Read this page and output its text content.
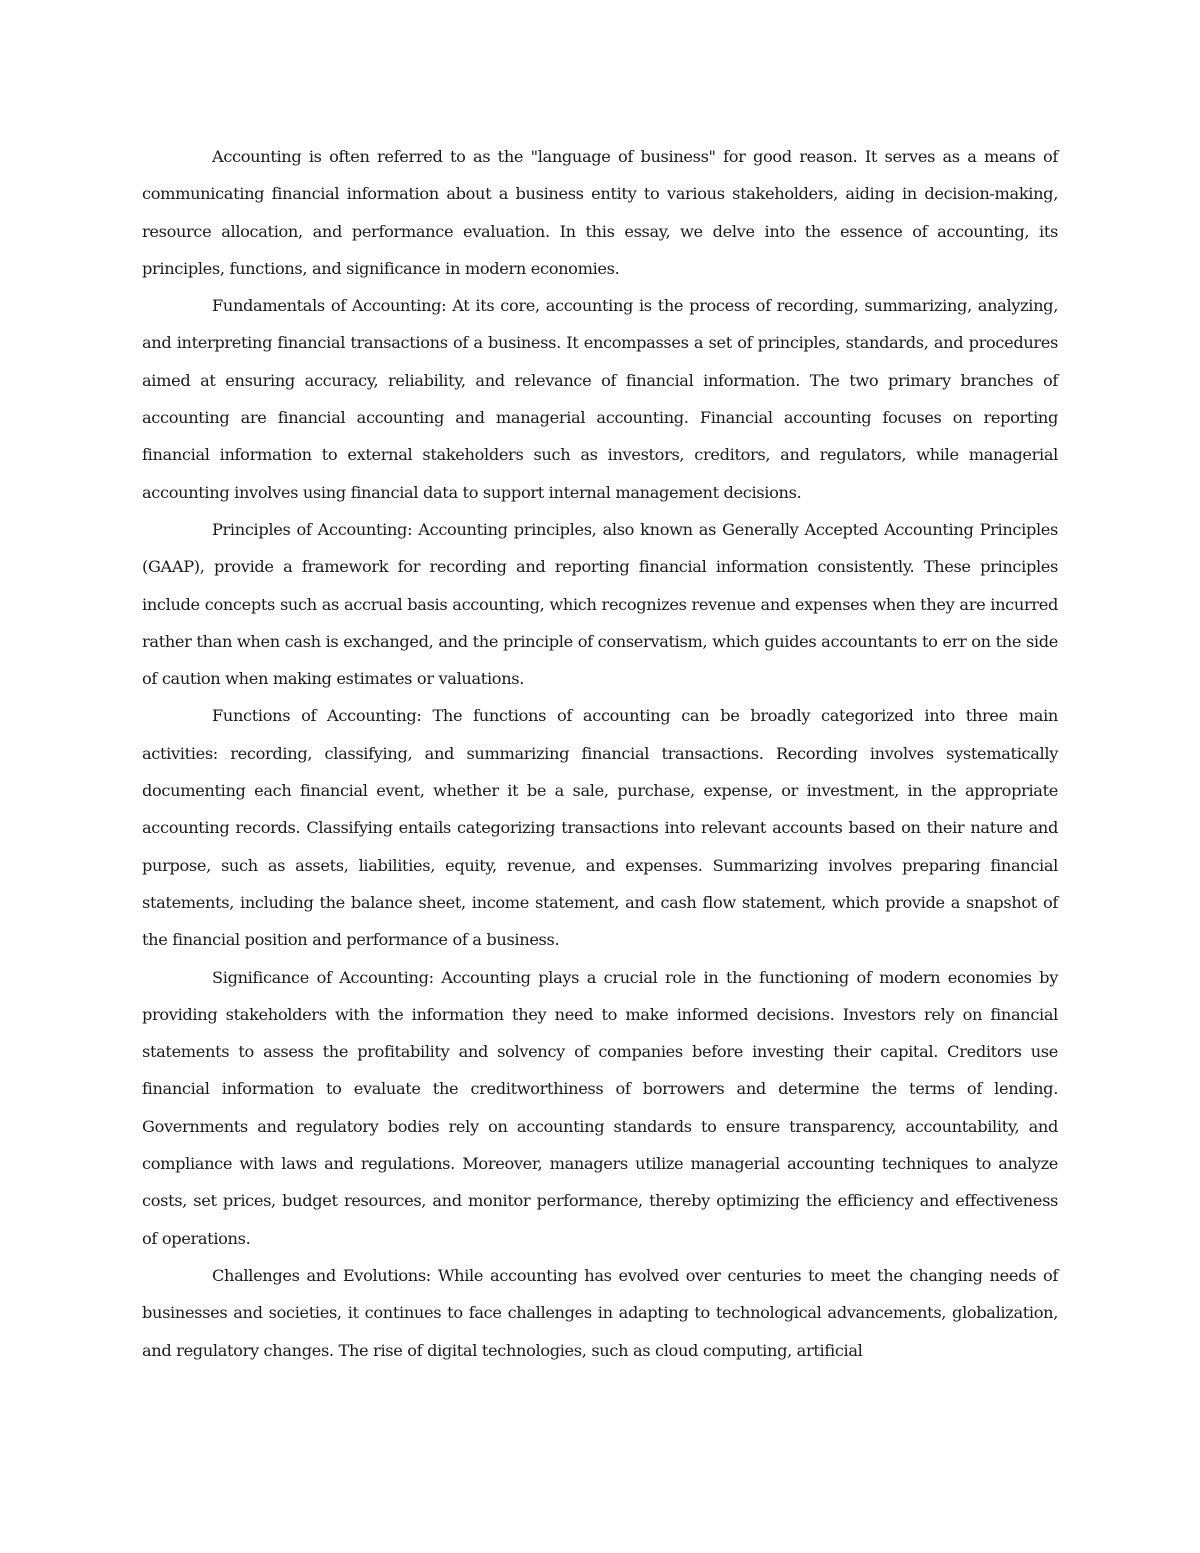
Accounting is often referred to as the "language of business" for good reason. It serves as a means of communicating financial information about a business entity to various stakeholders, aiding in decision-making, resource allocation, and performance evaluation. In this essay, we delve into the essence of accounting, its principles, functions, and significance in modern economies.

Fundamentals of Accounting: At its core, accounting is the process of recording, summarizing, analyzing, and interpreting financial transactions of a business. It encompasses a set of principles, standards, and procedures aimed at ensuring accuracy, reliability, and relevance of financial information. The two primary branches of accounting are financial accounting and managerial accounting. Financial accounting focuses on reporting financial information to external stakeholders such as investors, creditors, and regulators, while managerial accounting involves using financial data to support internal management decisions.

Principles of Accounting: Accounting principles, also known as Generally Accepted Accounting Principles (GAAP), provide a framework for recording and reporting financial information consistently. These principles include concepts such as accrual basis accounting, which recognizes revenue and expenses when they are incurred rather than when cash is exchanged, and the principle of conservatism, which guides accountants to err on the side of caution when making estimates or valuations.

Functions of Accounting: The functions of accounting can be broadly categorized into three main activities: recording, classifying, and summarizing financial transactions. Recording involves systematically documenting each financial event, whether it be a sale, purchase, expense, or investment, in the appropriate accounting records. Classifying entails categorizing transactions into relevant accounts based on their nature and purpose, such as assets, liabilities, equity, revenue, and expenses. Summarizing involves preparing financial statements, including the balance sheet, income statement, and cash flow statement, which provide a snapshot of the financial position and performance of a business.

Significance of Accounting: Accounting plays a crucial role in the functioning of modern economies by providing stakeholders with the information they need to make informed decisions. Investors rely on financial statements to assess the profitability and solvency of companies before investing their capital. Creditors use financial information to evaluate the creditworthiness of borrowers and determine the terms of lending. Governments and regulatory bodies rely on accounting standards to ensure transparency, accountability, and compliance with laws and regulations. Moreover, managers utilize managerial accounting techniques to analyze costs, set prices, budget resources, and monitor performance, thereby optimizing the efficiency and effectiveness of operations.

Challenges and Evolutions: While accounting has evolved over centuries to meet the changing needs of businesses and societies, it continues to face challenges in adapting to technological advancements, globalization, and regulatory changes. The rise of digital technologies, such as cloud computing, artificial
